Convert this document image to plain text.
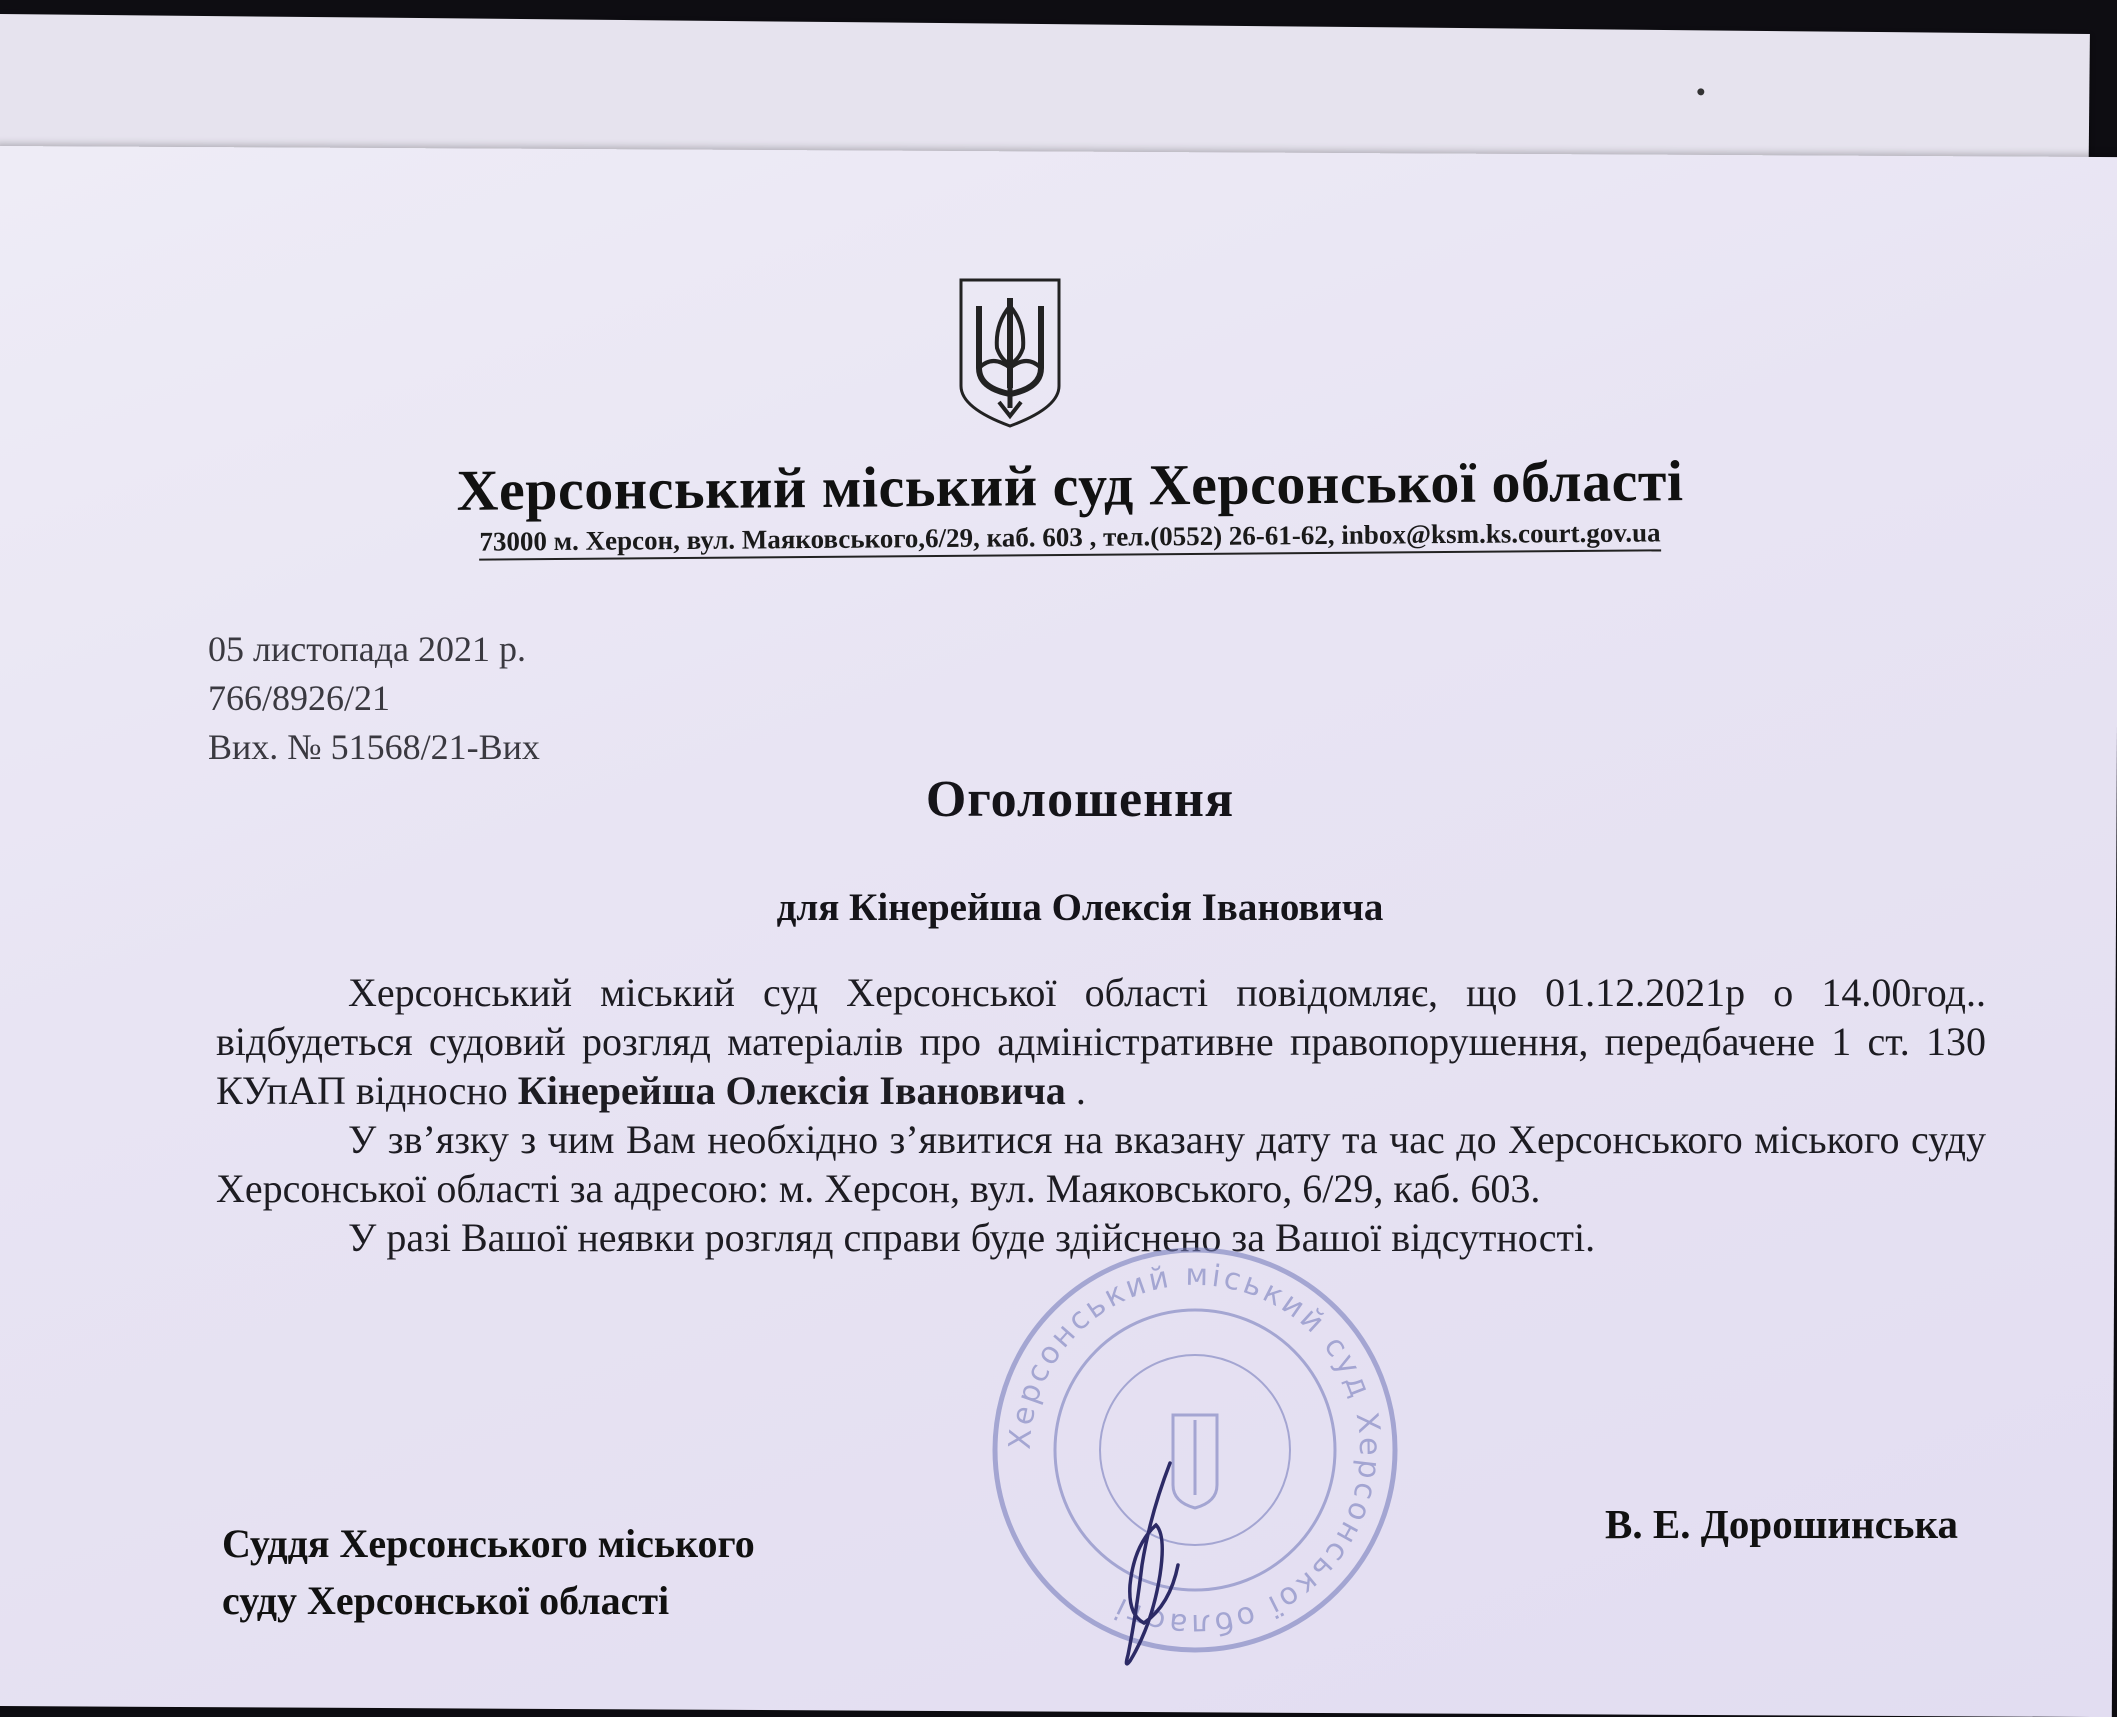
Херсонський міський суд Херсонської області
73000 м. Херсон, вул. Маяковського,6/29, каб. 603 , тел.(0552) 26-61-62, inbox@ksm.ks.court.gov.ua
05 листопада 2021 р.
766/8926/21
Вих. № 51568/21-Вих
Оголошення
для Кінерейша Олексія Івановича

Херсонський міський суд Херсонської області повідомляє, що 01.12.2021р о 14.00год.. відбудеться судовий розгляд матеріалів про адміністративне правопорушення, передбачене 1 ст. 130 КУпАП відносно Кінерейша Олексія Івановича .

У зв’язку з чим Вам необхідно з’явитися на вказану дату та час до Херсонського міського суду Херсонської області за адресою: м. Херсон, вул. Маяковського, 6/29, каб. 603.

У разі Вашої неявки розгляд справи буде здійснено за Вашої відсутності.

Суддя Херсонського міського
суду Херсонської області
В. Е. Дорошинська
Херсонський міський суд Херсонської області
